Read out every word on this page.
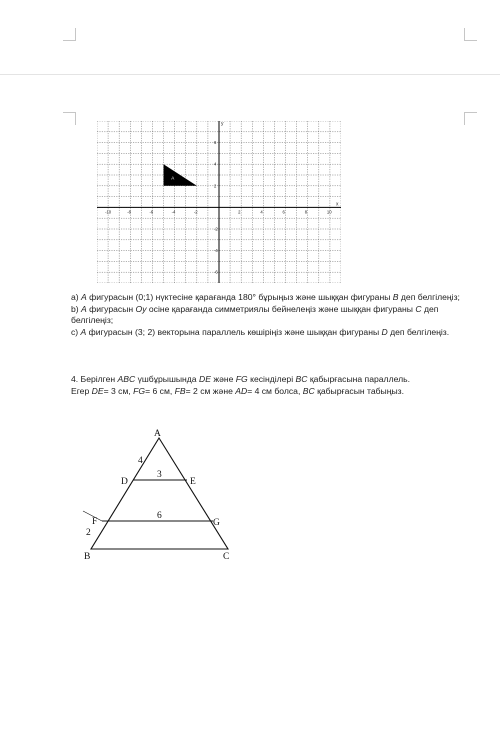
-10	-8	-6	-4	-2	2	4	6	8	10
6
4
2
-2
-4
-6
A
y
x

a) A фигурасын (0;1) нүктесіне қарағанда 180° бұрыңыз және шыққан фигураны B деп белгілеңіз;

b) A фигурасын Oy осіне қарағанда симметриялы бейнелеңіз және шыққан фигураны C деп белгілеңіз;

c) A фигурасын (3; 2) векторына параллель көшіріңіз және шыққан фигураны D деп белгілеңіз.

4. Берілген ABC үшбұрышында DE және FG кесінділері BC қабырғасына параллель.

Егер DE= 3 см, FG= 6 см, FB= 2 см және AD= 4 см болса, BC қабырғасын табыңыз.

A
B	C
D	E
F	G
4
3
6
2
